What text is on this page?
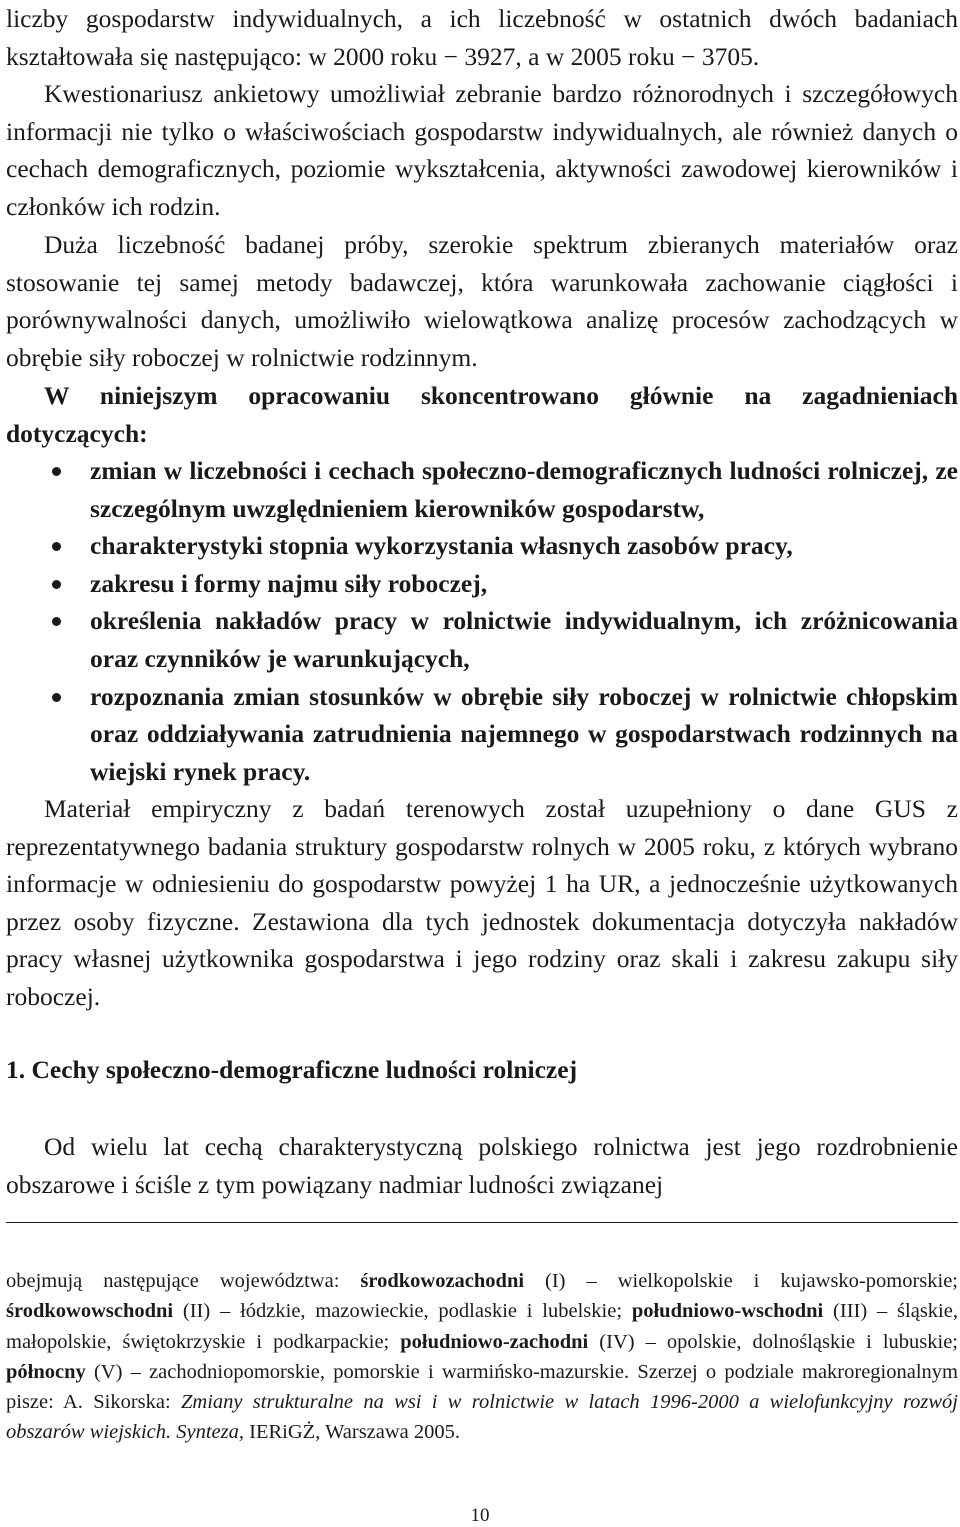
liczby gospodarstw indywidualnych, a ich liczebność w ostatnich dwóch badaniach kształtowała się następująco: w 2000 roku − 3927, a w 2005 roku − 3705.

Kwestionariusz ankietowy umożliwiał zebranie bardzo różnorodnych i szczegółowych informacji nie tylko o właściwościach gospodarstw indywidualnych, ale również danych o cechach demograficznych, poziomie wykształcenia, aktywności zawodowej kierowników i członków ich rodzin.

Duża liczebność badanej próby, szerokie spektrum zbieranych materiałów oraz stosowanie tej samej metody badawczej, która warunkowała zachowanie ciągłości i porównywalności danych, umożliwiło wielowątkowa analizę procesów zachodzących w obrębie siły roboczej w rolnictwie rodzinnym.

W niniejszym opracowaniu skoncentrowano głównie na zagadnieniach dotyczących:

zmian w liczebności i cechach społeczno-demograficznych ludności rolniczej, ze szczególnym uwzględnieniem kierowników gospodarstw,
charakterystyki stopnia wykorzystania własnych zasobów pracy,
zakresu i formy najmu siły roboczej,
określenia nakładów pracy w rolnictwie indywidualnym, ich zróżnicowania oraz czynników je warunkujących,
rozpoznania zmian stosunków w obrębie siły roboczej w rolnictwie chłopskim oraz oddziaływania zatrudnienia najemnego w gospodarstwach rodzinnych na wiejski rynek pracy.

Materiał empiryczny z badań terenowych został uzupełniony o dane GUS z reprezentatywnego badania struktury gospodarstw rolnych w 2005 roku, z których wybrano informacje w odniesieniu do gospodarstw powyżej 1 ha UR, a jednocześnie użytkowanych przez osoby fizyczne. Zestawiona dla tych jednostek dokumentacja dotyczyła nakładów pracy własnej użytkownika gospodarstwa i jego rodziny oraz skali i zakresu zakupu siły roboczej.

1. Cechy społeczno-demograficzne ludności rolniczej

Od wielu lat cechą charakterystyczną polskiego rolnictwa jest jego rozdrobnienie obszarowe i ściśle z tym powiązany nadmiar ludności związanej

obejmują następujące województwa: środkowozachodni (I) – wielkopolskie i kujawsko-pomorskie; środkowowschodni (II) – łódzkie, mazowieckie, podlaskie i lubelskie; południowo-wschodni (III) – śląskie, małopolskie, świętokrzyskie i podkarpackie; południowo-zachodni (IV) – opolskie, dolnośląskie i lubuskie; północny (V) – zachodniopomorskie, pomorskie i warmińsko-mazurskie. Szerzej o podziale makroregionalnym pisze: A. Sikorska: Zmiany strukturalne na wsi i w rolnictwie w latach 1996-2000 a wielofunkcyjny rozwój obszarów wiejskich. Synteza, IERiGŻ, Warszawa 2005.

10
